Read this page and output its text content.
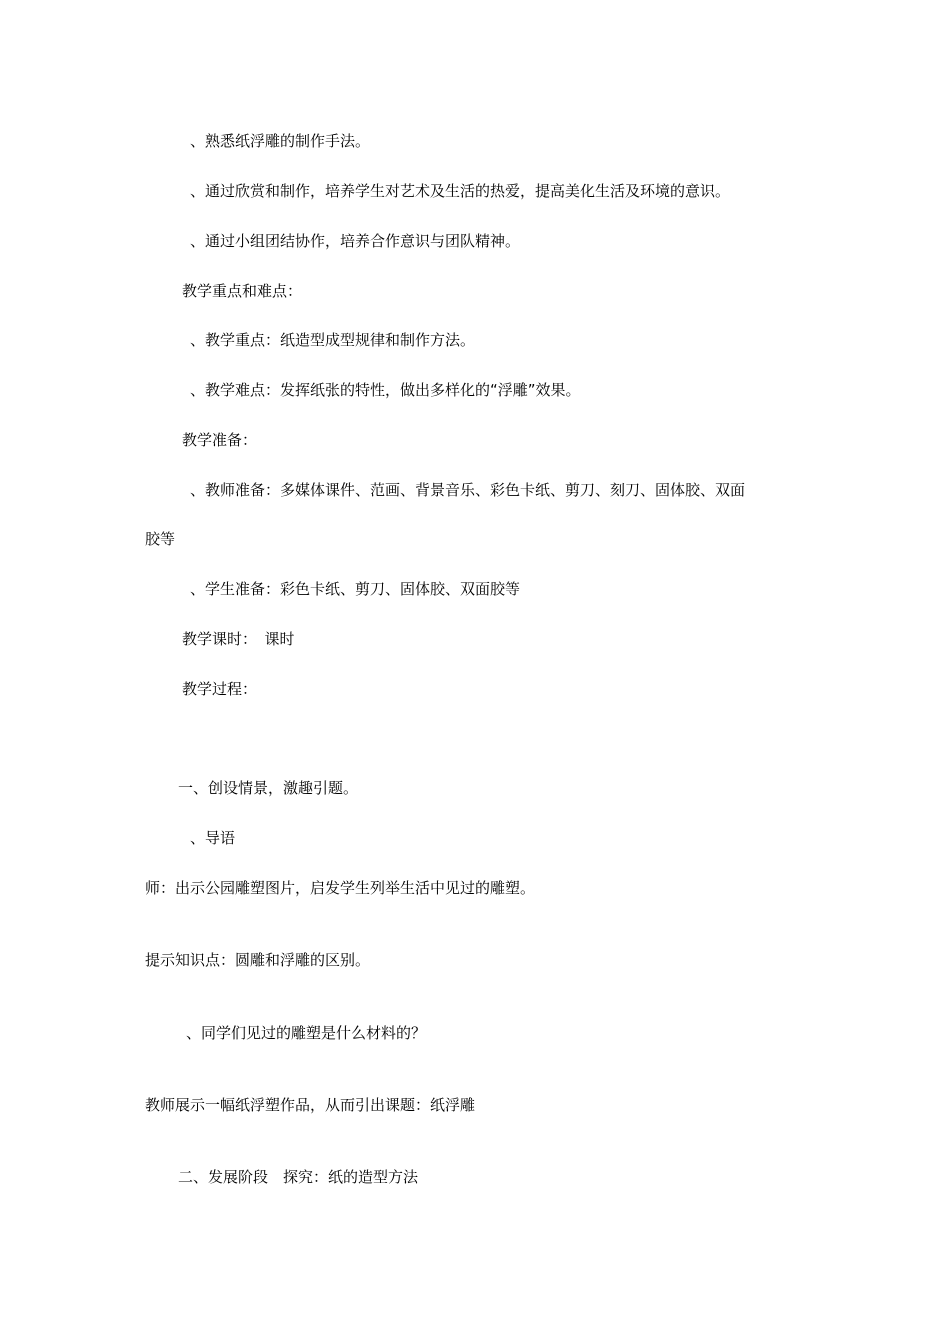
、熟悉纸浮雕的制作手法。
、通过欣赏和制作，培养学生对艺术及生活的热爱，提高美化生活及环境的意识。
、通过小组团结协作，培养合作意识与团队精神。
教学重点和难点：
、教学重点：纸造型成型规律和制作方法。
、教学难点：发挥纸张的特性，做出多样化的“浮雕”效果。
教学准备：
、教师准备：多媒体课件、范画、背景音乐、彩色卡纸、剪刀、刻刀、固体胶、双面
胶等
、学生准备：彩色卡纸、剪刀、固体胶、双面胶等
教学课时：　课时
教学过程：
一、创设情景，激趣引题。
、导语
师：出示公园雕塑图片，启发学生列举生活中见过的雕塑。
提示知识点：圆雕和浮雕的区别。
、同学们见过的雕塑是什么材料的？
教师展示一幅纸浮塑作品，从而引出课题：纸浮雕
二、发展阶段　探究：纸的造型方法
